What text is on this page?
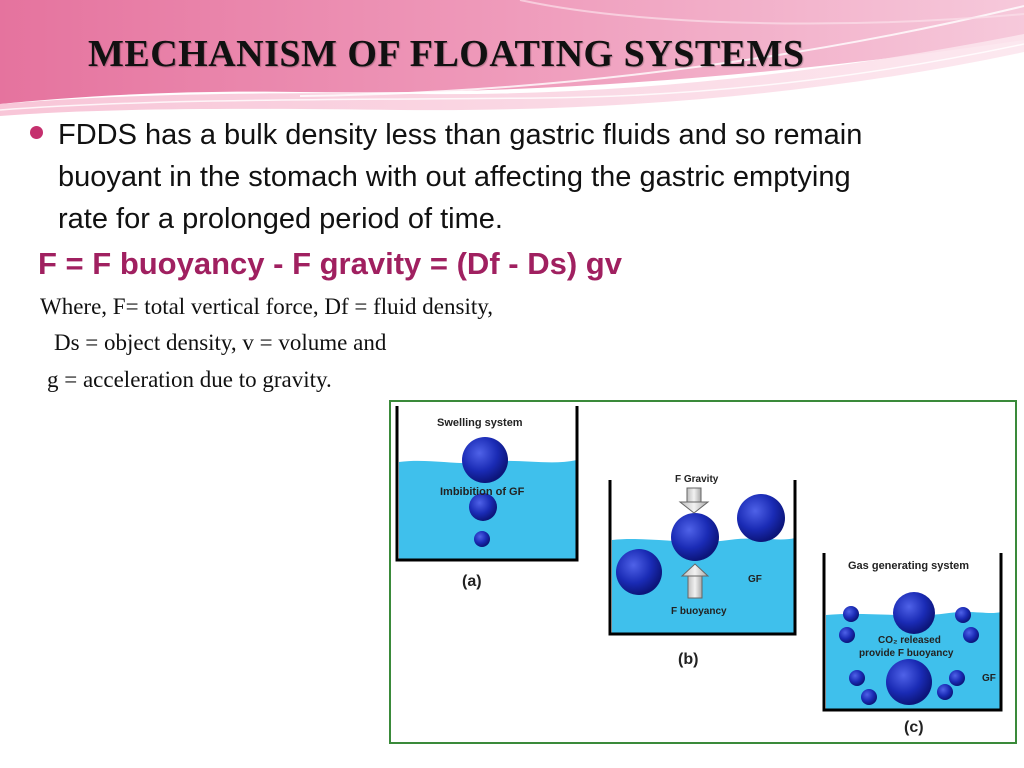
MECHANISM OF FLOATING SYSTEMS
FDDS has a bulk density less than gastric fluids and so remain buoyant in the stomach with out affecting the gastric emptying rate for a prolonged period of time.
F = F buoyancy - F gravity = (Df - Ds) gv
Where, F= total vertical force, Df = fluid density,
Ds = object density, v = volume and
g = acceleration due to gravity.
Swelling system
Imbibition of GF
(a)
F Gravity
GF
F buoyancy
(b)
Gas generating system
CO₂ released
provide F buoyancy
GF
(c)
